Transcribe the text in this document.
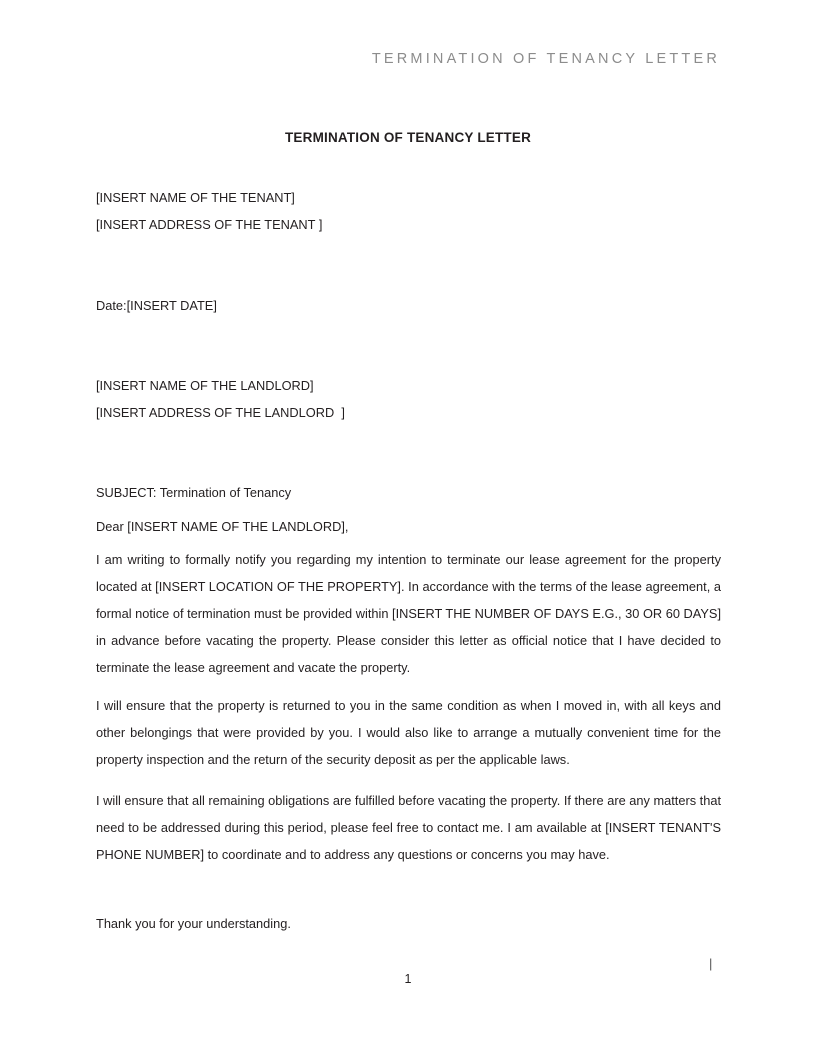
TERMINATION OF TENANCY LETTER
TERMINATION OF TENANCY LETTER
[INSERT NAME OF THE TENANT]
[INSERT ADDRESS OF THE TENANT ]
Date:[INSERT DATE]
[INSERT NAME OF THE LANDLORD]
[INSERT ADDRESS OF THE LANDLORD  ]
SUBJECT: Termination of Tenancy
Dear [INSERT NAME OF THE LANDLORD],

I am writing to formally notify you regarding my intention to terminate our lease agreement for the property located at [INSERT LOCATION OF THE PROPERTY]. In accordance with the terms of the lease agreement, a formal notice of termination must be provided within [INSERT THE NUMBER OF DAYS E.G., 30 OR 60 DAYS] in advance before vacating the property. Please consider this letter as official notice that I have decided to terminate the lease agreement and vacate the property.

I will ensure that the property is returned to you in the same condition as when I moved in, with all keys and other belongings that were provided by you. I would also like to arrange a mutually convenient time for the property inspection and the return of the security deposit as per the applicable laws.

I will ensure that all remaining obligations are fulfilled before vacating the property. If there are any matters that need to be addressed during this period, please feel free to contact me. I am available at [INSERT TENANT'S PHONE NUMBER] to coordinate and to address any questions or concerns you may have.

Thank you for your understanding.
|
1
